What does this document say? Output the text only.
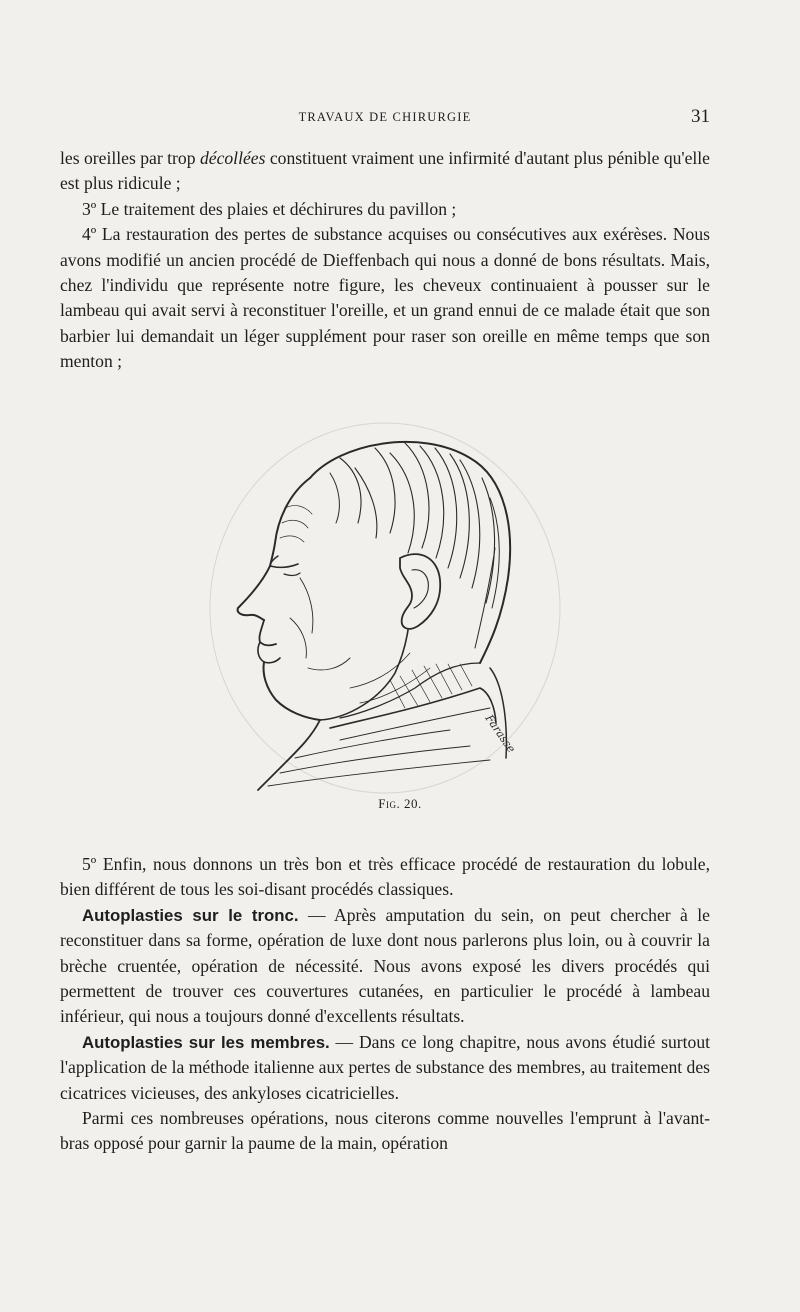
TRAVAUX DE CHIRURGIE	31

les oreilles par trop décollées constituent vraiment une infirmité d'autant plus pénible qu'elle est plus ridicule ;

3º Le traitement des plaies et déchirures du pavillon ;

4º La restauration des pertes de substance acquises ou consécutives aux exérèses. Nous avons modifié un ancien procédé de Dieffenbach qui nous a donné de bons résultats. Mais, chez l'individu que représente notre figure, les cheveux continuaient à pousser sur le lambeau qui avait servi à reconstituer l'oreille, et un grand ennui de ce malade était que son barbier lui demandait un léger supplément pour raser son oreille en même temps que son menton ;

Farasse
Fig. 20.

5º Enfin, nous donnons un très bon et très efficace procédé de restauration du lobule, bien différent de tous les soi-disant procédés classiques.

Autoplasties sur le tronc. — Après amputation du sein, on peut chercher à le reconstituer dans sa forme, opération de luxe dont nous parlerons plus loin, ou à couvrir la brèche cruentée, opération de nécessité. Nous avons exposé les divers procédés qui permettent de trouver ces couvertures cutanées, en particulier le procédé à lambeau inférieur, qui nous a toujours donné d'excellents résultats.

Autoplasties sur les membres. — Dans ce long chapitre, nous avons étudié surtout l'application de la méthode italienne aux pertes de substance des membres, au traitement des cicatrices vicieuses, des ankyloses cicatricielles.

Parmi ces nombreuses opérations, nous citerons comme nouvelles l'emprunt à l'avant-bras opposé pour garnir la paume de la main, opération
